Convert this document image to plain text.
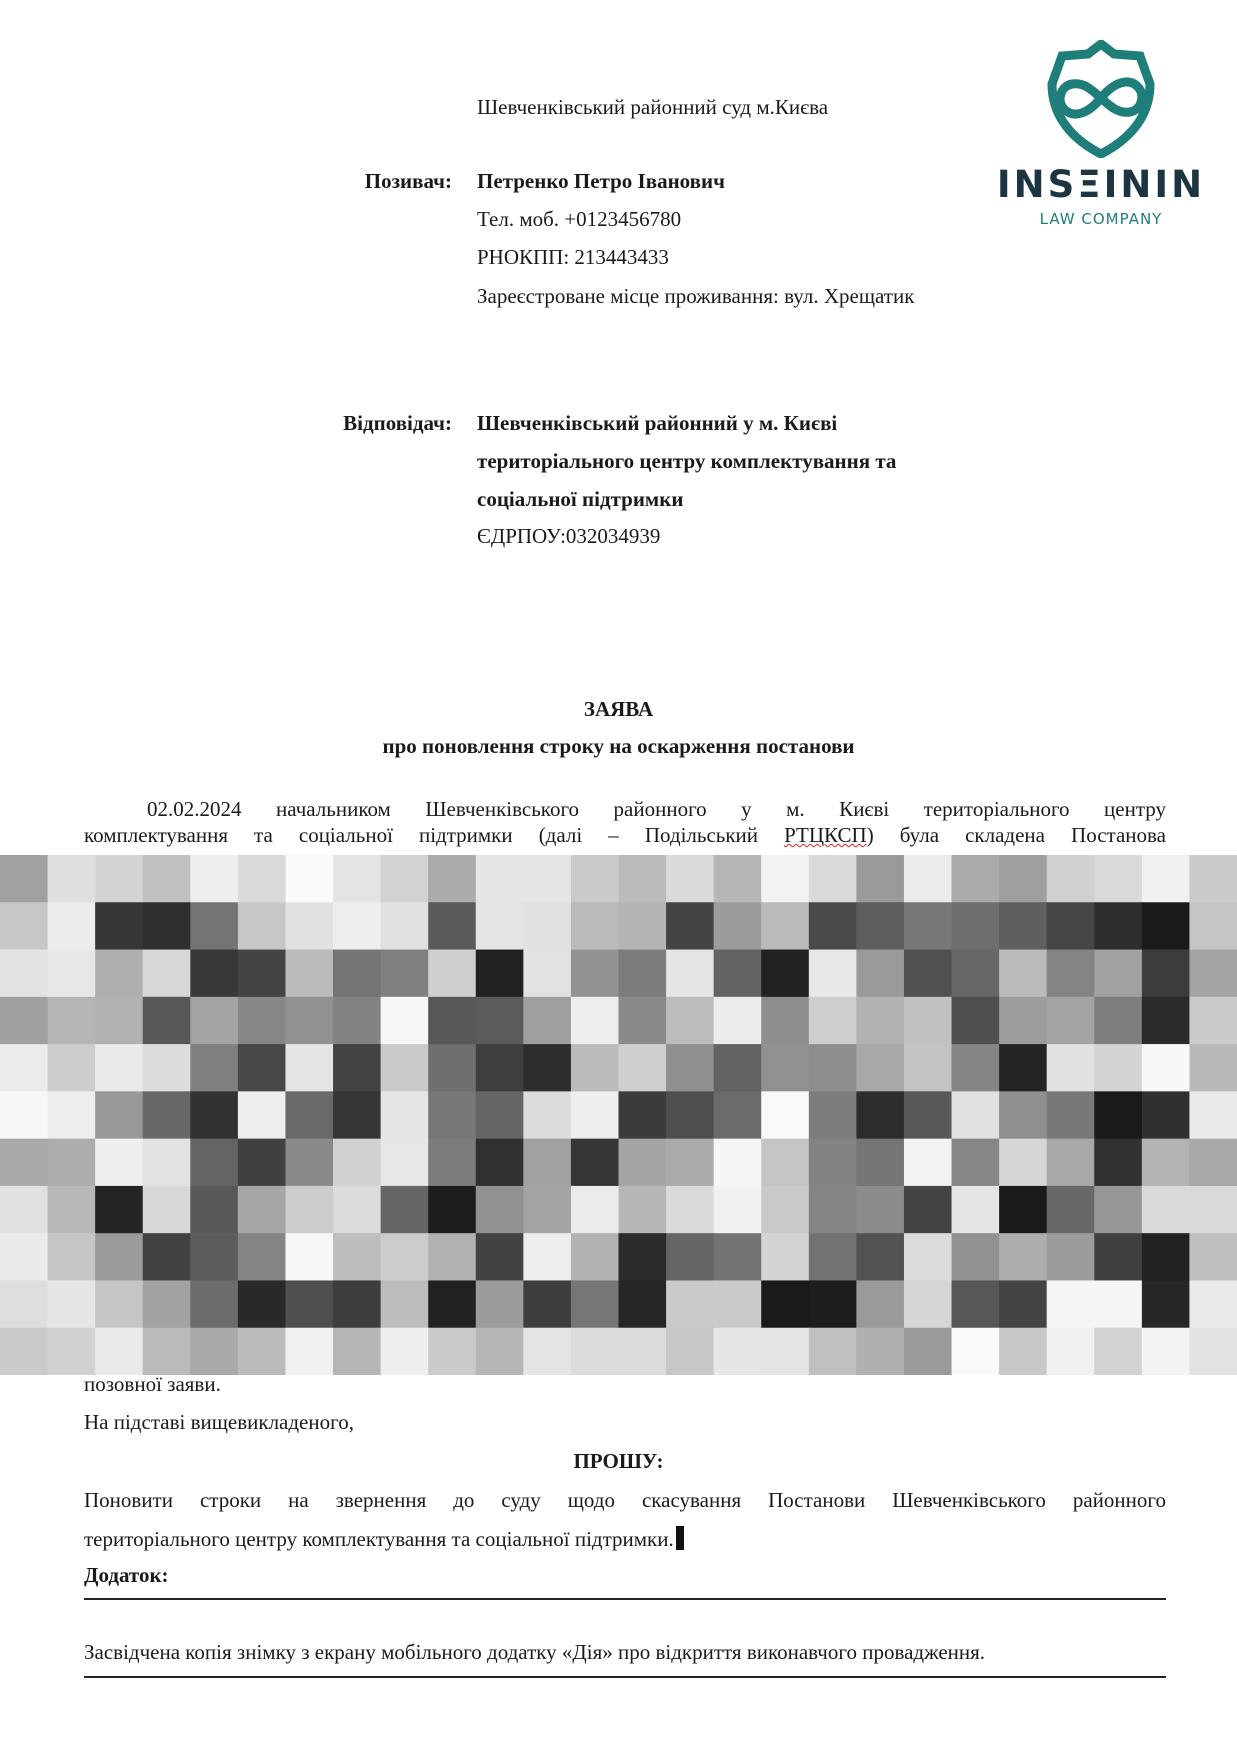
INSΞININ
LAW COMPANY
Шевченківський районний суд м.Києва
Позивач: Петренко Петро Іванович
Тел. моб. +0123456780
РНОКПП: 213443433
Зареєстроване місце проживання: вул. Хрещатик
Відповідач: Шевченківський районний у м. Києві
територіального центру комплектування та
соціальної підтримки
ЄДРПОУ:032034939
ЗАЯВА
про поновлення строку на оскарження постанови
02.02.2024 начальником Шевченківського районного у м. Києві територіального центру
комплектування та соціальної підтримки (далі – Подільський РТЦКСП) була складена Постанова
позовної заяви.
На підставі вищевикладеного,
ПРОШУ:
Поновити строки на звернення до суду щодо скасування Постанови Шевченківського районного
територіального центру комплектування та соціальної підтримки.
Додаток:
Засвідчена копія знімку з екрану мобільного додатку «Дія» про відкриття виконавчого провадження.
